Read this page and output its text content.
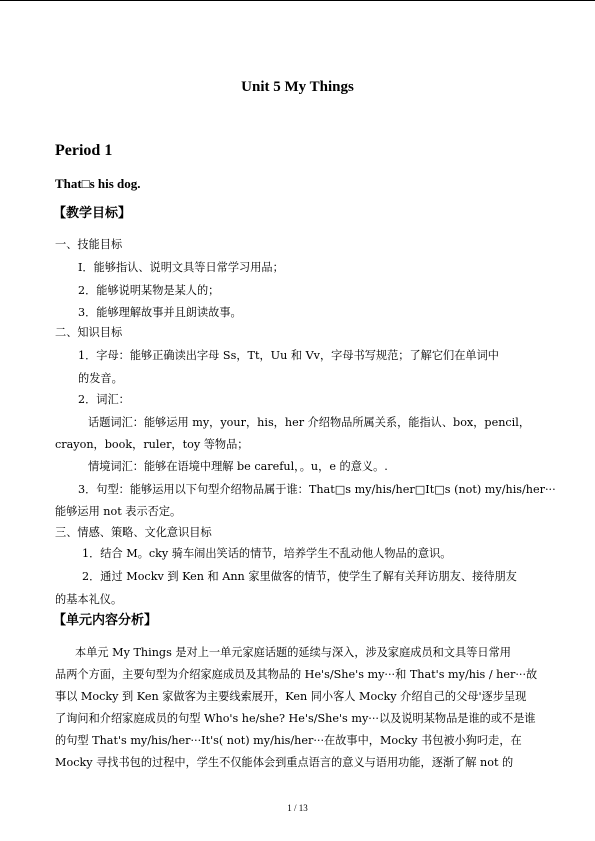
Unit 5 My Things
Period 1
That□s his dog.
【教学目标】
一、技能目标
I．能够指认、说明文具等日常学习用品；
2．能够说明某物是某人的；
3．能够理解故事并且朗读故事。
二、知识目标
1．字母：能够正确读出字母 Ss，Tt，Uu 和 Vv，字母书写规范；了解它们在单词中
的发音。
2．词汇：
话题词汇：能够运用 my，your，his，her 介绍物品所属关系，能指认、box，pencil，
crayon，book，ruler，toy 等物品；
情境词汇：能够在语境中理解 be careful，。u，e 的意义。.
3．句型：能够运用以下句型介绍物品属于谁：That□s my/his/her□It□s (not) my/his/her···
能够运用 not 表示否定。
三、情感、策略、文化意识目标
1．结合 M。cky 骑车闹出笑话的情节，培养学生不乱动他人物品的意识。
2．通过 Mockv 到 Ken 和 Ann 家里做客的情节，使学生了解有关拜访朋友、接待朋友
的基本礼仪。
【单元内容分析】
本单元 My Things 是对上一单元家庭话题的延续与深入，涉及家庭成员和文具等日常用
品两个方面，主要句型为介绍家庭成员及其物品的 He's/She's my···和 That's my/his / her···故
事以 Mocky 到 Ken 家做客为主要线索展开，Ken 同小客人 Mocky 介绍自己的父母'逐步呈现
了询问和介绍家庭成员的句型 Who's he/she? He's/She's my···以及说明某物品是谁的或不是谁
的句型 That's my/his/her···It's( not) my/his/her···在故事中，Mocky 书包被小狗叼走，在
Mocky 寻找书包的过程中，学生不仅能体会到重点语言的意义与语用功能，逐渐了解 not 的
1 / 13
